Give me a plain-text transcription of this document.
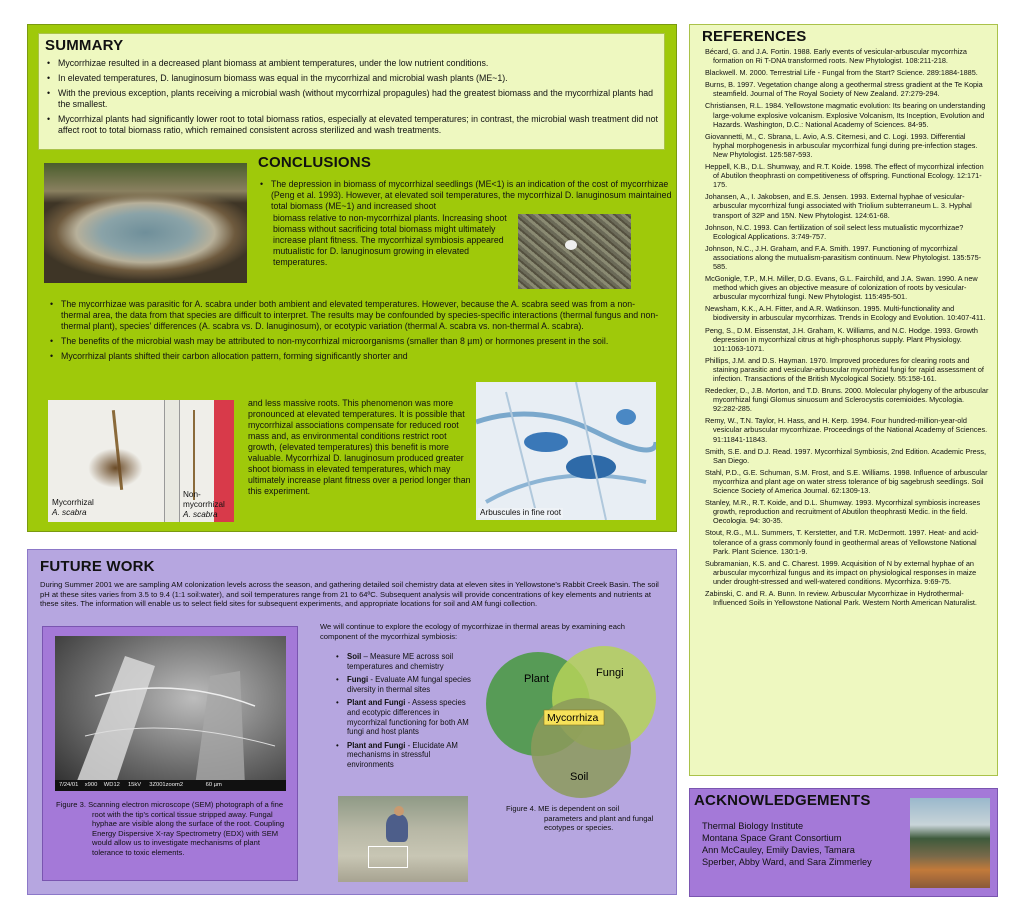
SUMMARY
• Mycorrhizae resulted in a decreased plant biomass at ambient temperatures, under the low nutrient conditions.
• In elevated temperatures, D. lanuginosum biomass was equal in the mycorrhizal and microbial wash plants (ME~1).
• With the previous exception, plants receiving a microbial wash (without mycorrhizal propagules) had the greatest biomass and the mycorrhizal plants had the smallest.
• Mycorrhizal plants had significantly lower root to total biomass ratios, especially at elevated temperatures; in contrast, the microbial wash treatment did not affect root to total biomass ratio, which remained consistent across sterilized and wash treatments.
CONCLUSIONS
• The depression in biomass of mycorrhizal seedlings (ME<1) is an indication of the cost of mycorrhizae (Peng et al. 1993). However, at elevated soil temperatures, the mycorrhizal D. lanuginosum maintained total biomass (ME~1) and increased shoot
biomass relative to non-mycorrhizal plants. Increasing shoot biomass without sacrificing total biomass might ultimately increase plant fitness. The mycorrhizal symbiosis appeared mutualistic for D. lanuginosum growing in elevated temperatures.
• The mycorrhizae was parasitic for A. scabra under both ambient and elevated temperatures. However, because the A. scabra seed was from a non-thermal area, the data from that species are difficult to interpret. The results may be confounded by species-specific interactions (thermal fungus and non-thermal plant), species' differences (A. scabra vs. D. lanuginosum), or ecotypic variation (thermal A. scabra vs. non-thermal A. scabra).
• The benefits of the microbial wash may be attributed to non-mycorrhizal microorganisms (smaller than 8 µm) or hormones present in the soil.
• Mycorrhizal plants shifted their carbon allocation pattern, forming significantly shorter and
Mycorrhizal
A. scabra
Non-
mycorrhizal
A. scabra
and less massive roots. This phenomenon was more pronounced at elevated temperatures. It is possible that mycorrhizal associations compensate for reduced root mass and, as environmental conditions restrict root growth, (elevated temperatures) this benefit is more valuable. Mycorrhizal D. lanuginosum produced greater shoot biomass in elevated temperatures, which may ultimately increase plant fitness over a period longer than this experiment.
Arbuscules in fine root
FUTURE WORK
During Summer 2001 we are sampling AM colonization levels across the season, and gathering detailed soil chemistry data at eleven sites in Yellowstone's Rabbit Creek Basin. The soil pH at these sites varies from 3.5 to 9.4 (1:1 soil:water), and soil temperatures range from 21 to 64ºC. Subsequent analysis will provide concentrations of key elements and nutrients at these sites. The information will enable us to select field sites for subsequent experiments, and appropriate locations for soil and AM fungi collection.
7/24/01    x900    WD12     15kV     3Z001zoom2              60 µm
Figure 3. Scanning electron microscope (SEM) photograph of a fine root with the tip's cortical tissue stripped away. Fungal hyphae are visible along the surface of the root. Coupling Energy Dispersive X-ray Spectrometry (EDX) with SEM would allow us to investigate mechanisms of plant tolerance to toxic elements.
We will continue to explore the ecology of mycorrhizae in thermal areas by examining each component of the mycorrhizal symbiosis:
• Soil – Measure ME across soil temperatures and chemistry
• Fungi - Evaluate AM fungal species diversity in thermal sites
• Plant and Fungi - Assess species and ecotypic differences in mycorrhizal functioning for both AM fungi and host plants
• Plant and Fungi - Elucidate AM mechanisms in stressful environments
Plant	Fungi
Soil
Mycorrhiza
Figure 4. ME is dependent on soil parameters and plant and fungal ecotypes or species.
REFERENCES
Bécard, G. and J.A. Fortin. 1988. Early events of vesicular-arbuscular mycorrhiza formation on Ri T-DNA transformed roots. New Phytologist. 108:211-218.
Blackwell. M. 2000. Terrestrial Life - Fungal from the Start? Science. 289:1884-1885.
Burns, B. 1997. Vegetation change along a geothermal stress gradient at the Te Kopia steamfield. Journal of The Royal Society of New Zealand. 27:279-294.
Christiansen, R.L. 1984. Yellowstone magmatic evolution: Its bearing on understanding large-volume explosive volcanism. Explosive Volcanism, Its Inception, Evolution and Hazards. Washington, D.C.: National Academy of Sciences. 84-95.
Giovannetti, M., C. Sbrana, L. Avio, A.S. Citernesi, and C. Logi. 1993. Differential hyphal morphogenesis in arbuscular mycorrhizal fungi during pre-infection stages. New Phytologist. 125:587-593.
Heppell, K.B., D.L. Shumway, and R.T. Koide. 1998. The effect of mycorrhizal infection of Abutilon theophrasti on competitiveness of offspring. Functional Ecology. 12:171-175.
Johansen, A., I. Jakobsen, and E.S. Jensen. 1993. External hyphae of vesicular-arbuscular mycorrhizal fungi associated with Triolium subterraneum L. 3. Hyphal transport of 32P and 15N. New Phytologist. 124:61-68.
Johnson, N.C. 1993. Can fertilization of soil select less mutualistic mycorrhizae? Ecological Applications. 3:749-757.
Johnson, N.C., J.H. Graham, and F.A. Smith. 1997. Functioning of mycorrhizal associations along the mutualism-parasitism continuum. New Phytologist. 135:575-585.
McGonigle, T.P., M.H. Miller, D.G. Evans, G.L. Fairchild, and J.A. Swan. 1990. A new method which gives an objective measure of colonization of roots by vesicular-arbuscular mycorrhizal fungi. New Phytologist. 115:495-501.
Newsham, K.K., A.H. Fitter, and A.R. Watkinson. 1995. Multi-functionality and biodiversity in arbuscular mycorrhizas. Trends in Ecology and Evolution. 10:407-411.
Peng, S., D.M. Eissenstat, J.H. Graham, K. Williams, and N.C. Hodge. 1993. Growth depression in mycorrhizal citrus at high-phosphorus supply. Plant Physiology. 101:1063-1071.
Phillips, J.M. and D.S. Hayman. 1970. Improved procedures for clearing roots and staining parasitic and vesicular-arbuscular mycorrhizal fungi for rapid assessment of infection. Transactions of the British Mycological Society. 55:158-161.
Redecker, D., J.B. Morton, and T.D. Bruns. 2000. Molecular phylogeny of the arbuscular mycorrhizal fungi Glomus sinuosum and Sclerocystis coremioides. Mycologia. 92:282-285.
Remy, W., T.N. Taylor, H. Hass, and H. Kerp. 1994. Four hundred-million-year-old vesicular arbuscular mycorrhizae. Proceedings of the National Academy of Sciences. 91:11841-11843.
Smith, S.E. and D.J. Read. 1997. Mycorrhizal Symbiosis, 2nd Edition. Academic Press, San Diego.
Stahl, P.D., G.E. Schuman, S.M. Frost, and S.E. Williams. 1998. Influence of arbuscular mycorrhiza and plant age on water stress tolerance of big sagebrush seedlings. Soil Science Society of America Journal. 62:1309-13.
Stanley, M.R., R.T. Koide, and D.L. Shumway. 1993. Mycorrhizal symbiosis increases growth, reproduction and recruitment of Abutilon theophrasti Medic. in the field. Oecologia. 94: 30-35.
Stout, R.G., M.L. Summers, T. Kerstetter, and T.R. McDermott. 1997. Heat- and acid-tolerance of a grass commonly found in geothermal areas of Yellowstone National Park. Plant Science. 130:1-9.
Subramanian, K.S. and C. Charest. 1999. Acquisition of N by external hyphae of an arbuscular mycorrhizal fungus and its impact on physiological responses in maize under drought-stressed and well-watered conditions. Mycorrhiza. 9:69-75.
Zabinski, C. and R. A. Bunn. In review. Arbuscular Mycorrhizae in Hydrothermal-Influenced Soils in Yellowstone National Park. Western North American Naturalist.
ACKNOWLEDGEMENTS
Thermal Biology Institute
Montana Space Grant Consortium
Ann McCauley, Emily Davies, Tamara
Sperber, Abby Ward, and Sara Zimmerley
